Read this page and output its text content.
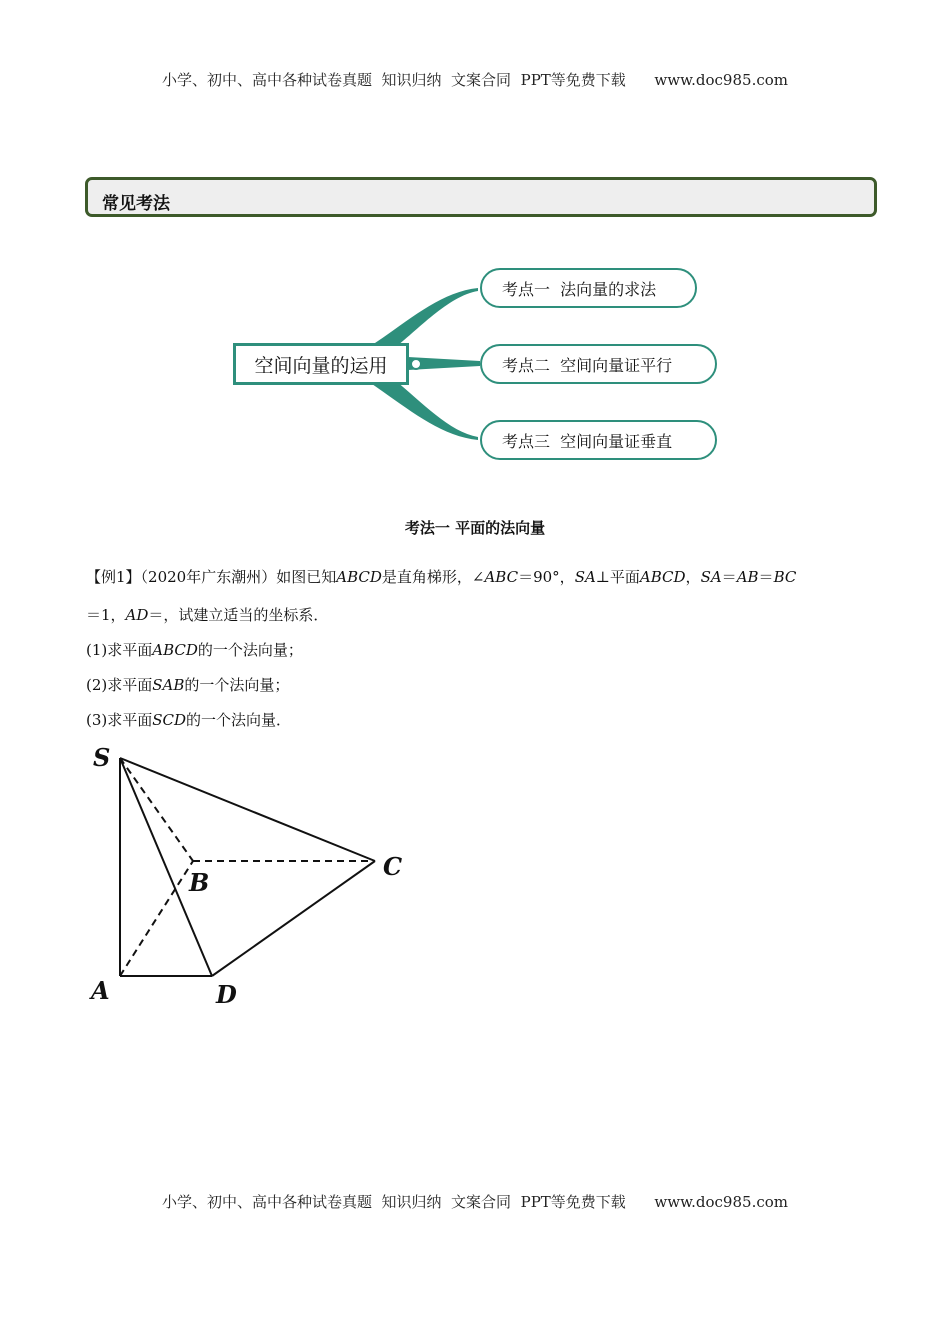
小学、初中、高中各种试卷真题  知识归纳  文案合同  PPT等免费下载      www.doc985.com
常见考法
空间向量的运用
考点一  法向量的求法
考点二  空间向量证平行
考点三  空间向量证垂直
考法一 平面的法向量
【例1】（2020年广东潮州）如图已知ABCD是直角梯形，∠ABC＝90°，SA⊥平面ABCD，SA＝AB＝BC
＝1，AD＝，试建立适当的坐标系．
(1)求平面ABCD的一个法向量；
(2)求平面SAB的一个法向量；
(3)求平面SCD的一个法向量．
S
B
C
A	D
小学、初中、高中各种试卷真题  知识归纳  文案合同  PPT等免费下载      www.doc985.com
